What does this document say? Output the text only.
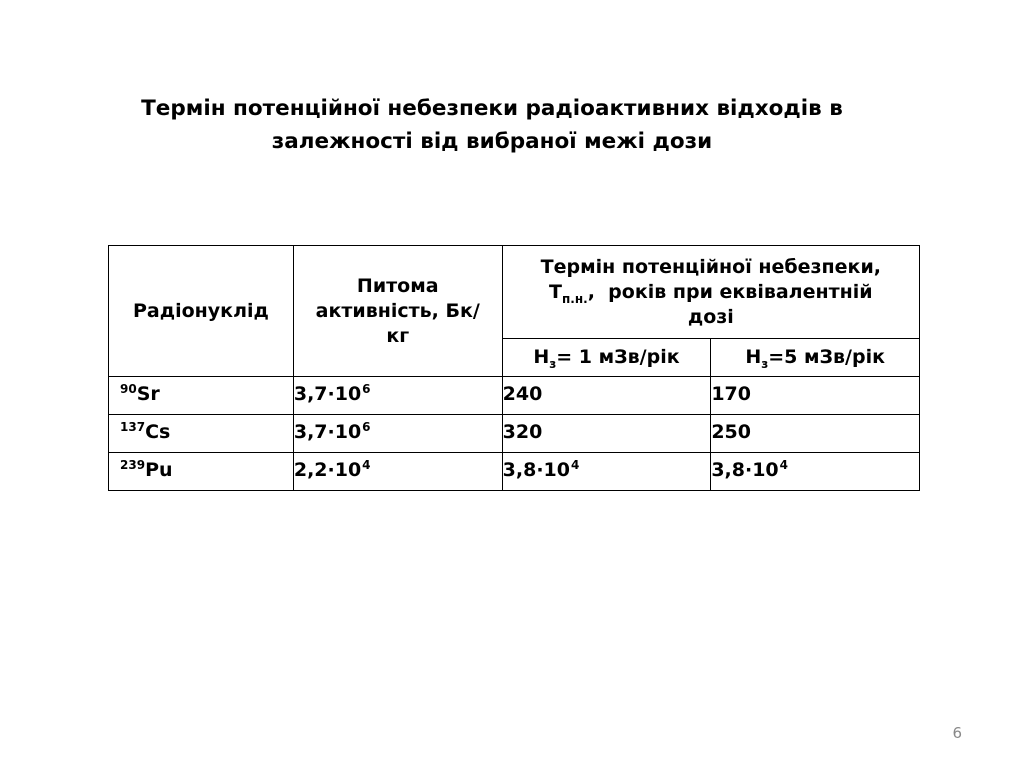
Термін потенційної небезпеки радіоактивних відходів в
залежності від вибраної межі дози
Радіонуклід	Питома активність, Бк/кг	Термін потенційної небезпеки, $Т_{п.н.}$,  років при еквівалентній дозі	

		$Н_з= 1$ мЗв/рік	$Н_з=5$ мЗв/рік
$^{90}$Sr	$3,7\cdot 10^6$	240	170
$^{137}$Cs	$3,7\cdot 10^6$	320	250
$^{239}$Pu	$2,2\cdot 10^4$	$3,8\cdot 10^4$	$3,8\cdot 10^4$
6
